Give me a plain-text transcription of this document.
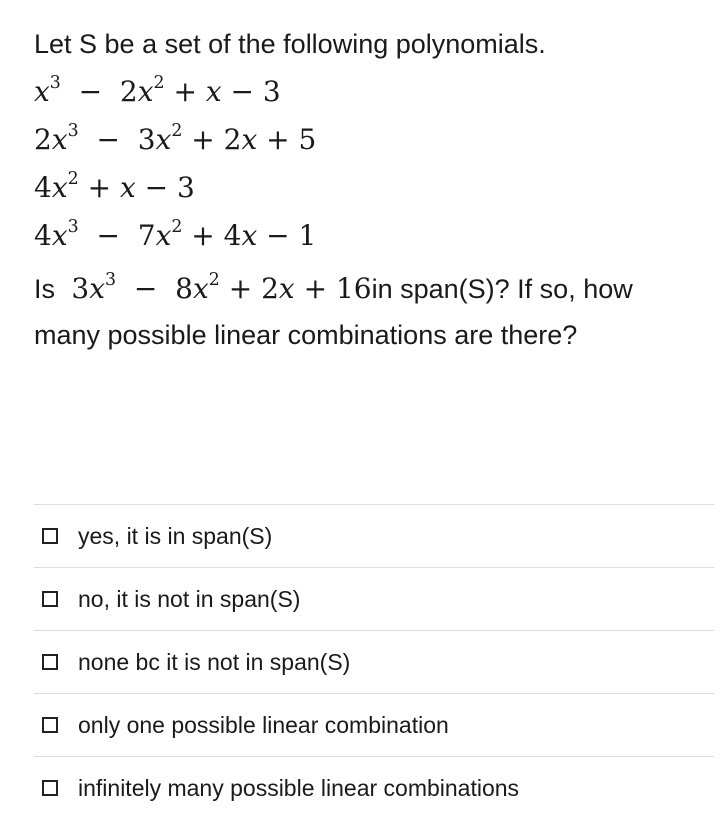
Let S be a set of the following polynomials.

$x^3 - 2x^2 + x - 3$
$2x^3 - 3x^2 + 2x + 5$
$4x^2 + x - 3$
$4x^3 - 7x^2 + 4x - 1$
Is  $3x^3 - 8x^2 + 2x + 16in$ span(S)? If so, how many possible linear combinations are there?
yes, it is in span(S)
no, it is not in span(S)
none bc it is not in span(S)
only one possible linear combination
infinitely many possible linear combinations
